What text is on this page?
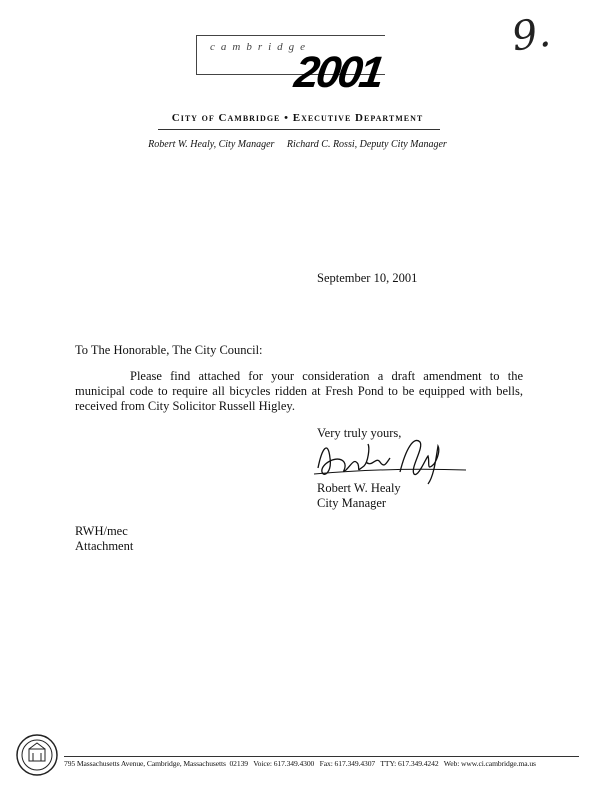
9.
cambridge
2001
City of Cambridge • Executive Department
Robert W. Healy, City Manager     Richard C. Rossi, Deputy City Manager
September 10, 2001
To The Honorable, The City Council:
Please find attached for your consideration a draft amendment to the municipal code to require all bicycles ridden at Fresh Pond to be equipped with bells, received from City Solicitor Russell Higley.
Very truly yours,
Robert W. Healy
City Manager
RWH/mec
Attachment
795 Massachusetts Avenue, Cambridge, Massachusetts  02139   Voice: 617.349.4300   Fax: 617.349.4307   TTY: 617.349.4242   Web: www.ci.cambridge.ma.us
